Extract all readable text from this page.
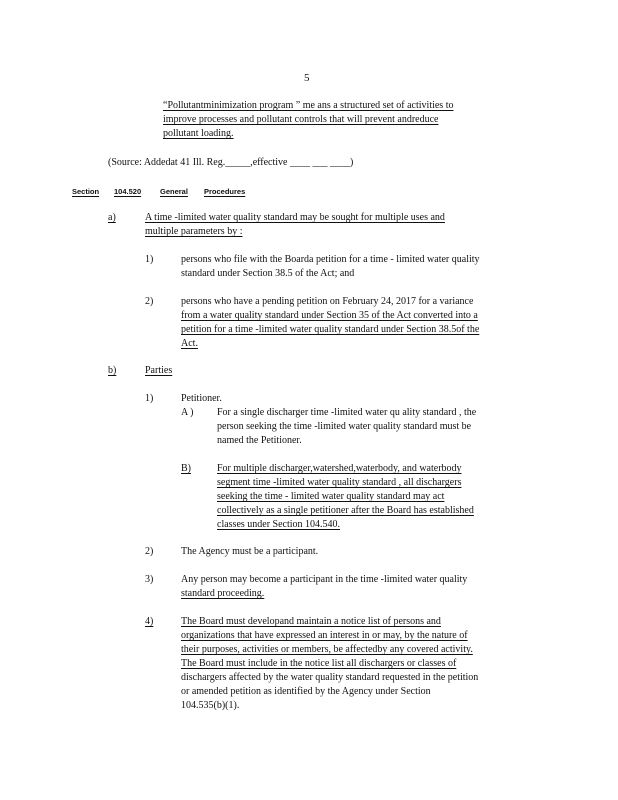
5
“Pollutantminimization program ” me ans a structured set of activities to
improve processes and pollutant controls that will prevent andreduce
pollutant loading.
(Source: Addedat 41 Ill. Reg._____,effective ____ ___ ____)
Section 104.520	General Procedures
a)	A time -limited water quality standard may be sought for multiple uses and
multiple parameters by :
1)	persons who file with the Boarda petition for a time - limited water quality
standard under Section 38.5 of the Act; and
2)	persons who have a pending petition on February 24, 2017 for a variance
from a water quality standard under Section 35 of the Act converted into a
petition for a time -limited water quality standard under Section 38.5of the
Act.
b)	Parties
1)	Petitioner.
A ) For a single discharger time -limited water qu ality standard , the
person seeking the time -limited water quality standard must be
named the Petitioner.
B)	For multiple discharger,watershed,waterbody, and waterbody
segment time -limited water quality standard , all dischargers
seeking the time - limited water quality standard may act
collectively as a single petitioner after the Board has established
classes under Section 104.540.
2)	The Agency must be a participant.
3)	Any person may become a participant in the time -limited water quality
standard proceeding.
4)	The Board must developand maintain a notice list of persons and
organizations that have expressed an interest in or may, by the nature of
their purposes, activities or members, be affectedby any covered activity.
The Board must include in the notice list all dischargers or classes of
dischargers affected by the water quality standard requested in the petition
or amended petition as identified by the Agency under Section
104.535(b)(1).
